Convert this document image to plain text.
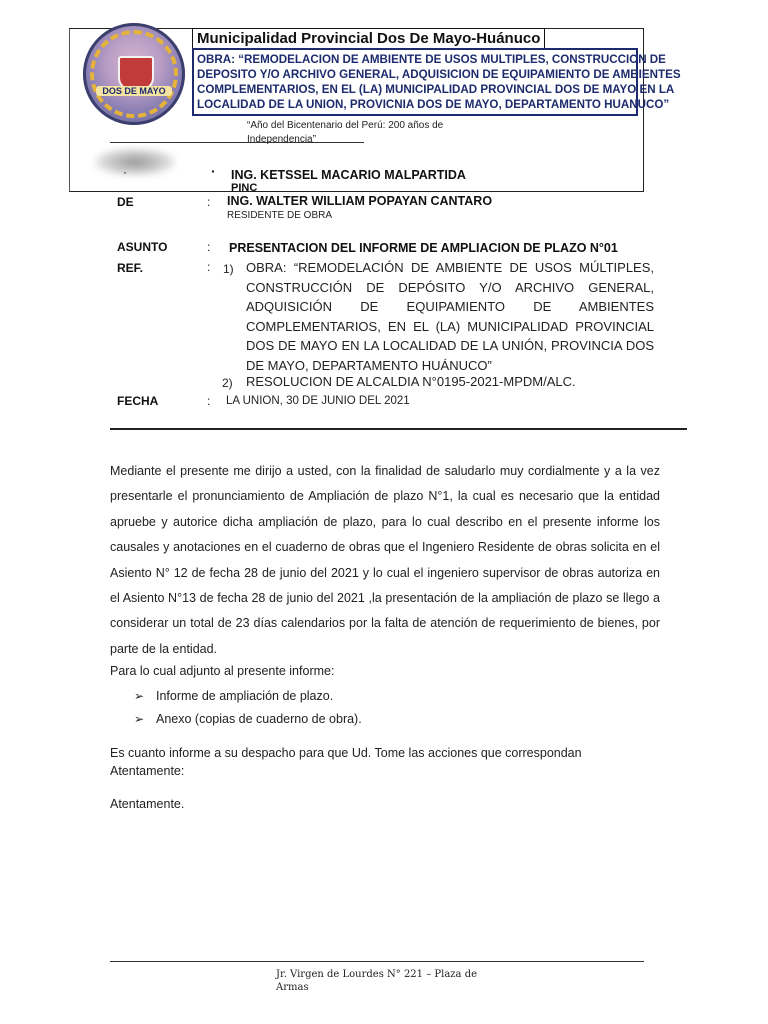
DOS DE MAYO
Municipalidad Provincial Dos De Mayo-Huánuco
OBRA: “REMODELACION DE AMBIENTE DE USOS MULTIPLES, CONSTRUCCION DE
DEPOSITO Y/O ARCHIVO GENERAL, ADQUISICION DE EQUIPAMIENTO DE AMBIENTES
COMPLEMENTARIOS, EN EL (LA) MUNICIPALIDAD PROVINCIAL DOS DE MAYO EN LA
LOCALIDAD DE LA UNION, PROVICNIA DOS DE MAYO, DEPARTAMENTO HUANUCO”
“Año del Bicentenario del Perú: 200 años de Independencia”
·	· ING. KETSSEL MACARIO MALPARTIDA
PINC
DE	: ING. WALTER WILLIAM POPAYAN CANTARO
RESIDENTE DE OBRA
ASUNTO	: PRESENTACION DEL INFORME DE AMPLIACION DE PLAZO N°01
REF.	: 1) OBRA: “REMODELACIÓN DE AMBIENTE DE USOS MÚLTIPLES,
CONSTRUCCIÓN DE DEPÓSITO Y/O ARCHIVO GENERAL,
ADQUISICIÓN DE EQUIPAMIENTO DE AMBIENTES
COMPLEMENTARIOS, EN EL (LA) MUNICIPALIDAD PROVINCIAL
DOS DE MAYO EN LA LOCALIDAD DE LA UNIÓN, PROVINCIA DOS
DE MAYO, DEPARTAMENTO HUÁNUCO”
2) RESOLUCION DE ALCALDIA N°0195-2021-MPDM/ALC.
FECHA	: LA UNION, 30 DE JUNIO DEL 2021
Mediante el presente me dirijo a usted, con la finalidad de saludarlo muy cordialmente y a la vez presentarle el pronunciamiento de Ampliación de plazo N°1, la cual es necesario que la entidad apruebe y autorice dicha ampliación de plazo, para lo cual describo en el presente informe los causales y anotaciones en el cuaderno de obras que el Ingeniero Residente de obras solicita en el Asiento N° 12 de fecha 28 de junio del 2021 y lo cual el ingeniero supervisor de obras autoriza en el Asiento N°13 de fecha 28 de junio del 2021 ,la presentación de la ampliación de plazo se llego a considerar un total de 23 días calendarios por la falta de atención de requerimiento de bienes, por parte de la entidad.
Para lo cual adjunto al presente informe:
➢ Informe de ampliación de plazo.
➢ Anexo (copias de cuaderno de obra).
Es cuanto informe a su despacho para que Ud. Tome las acciones que correspondan
Atentamente:
Atentamente.
Jr. Virgen de Lourdes N° 221 – Plaza de Armas
